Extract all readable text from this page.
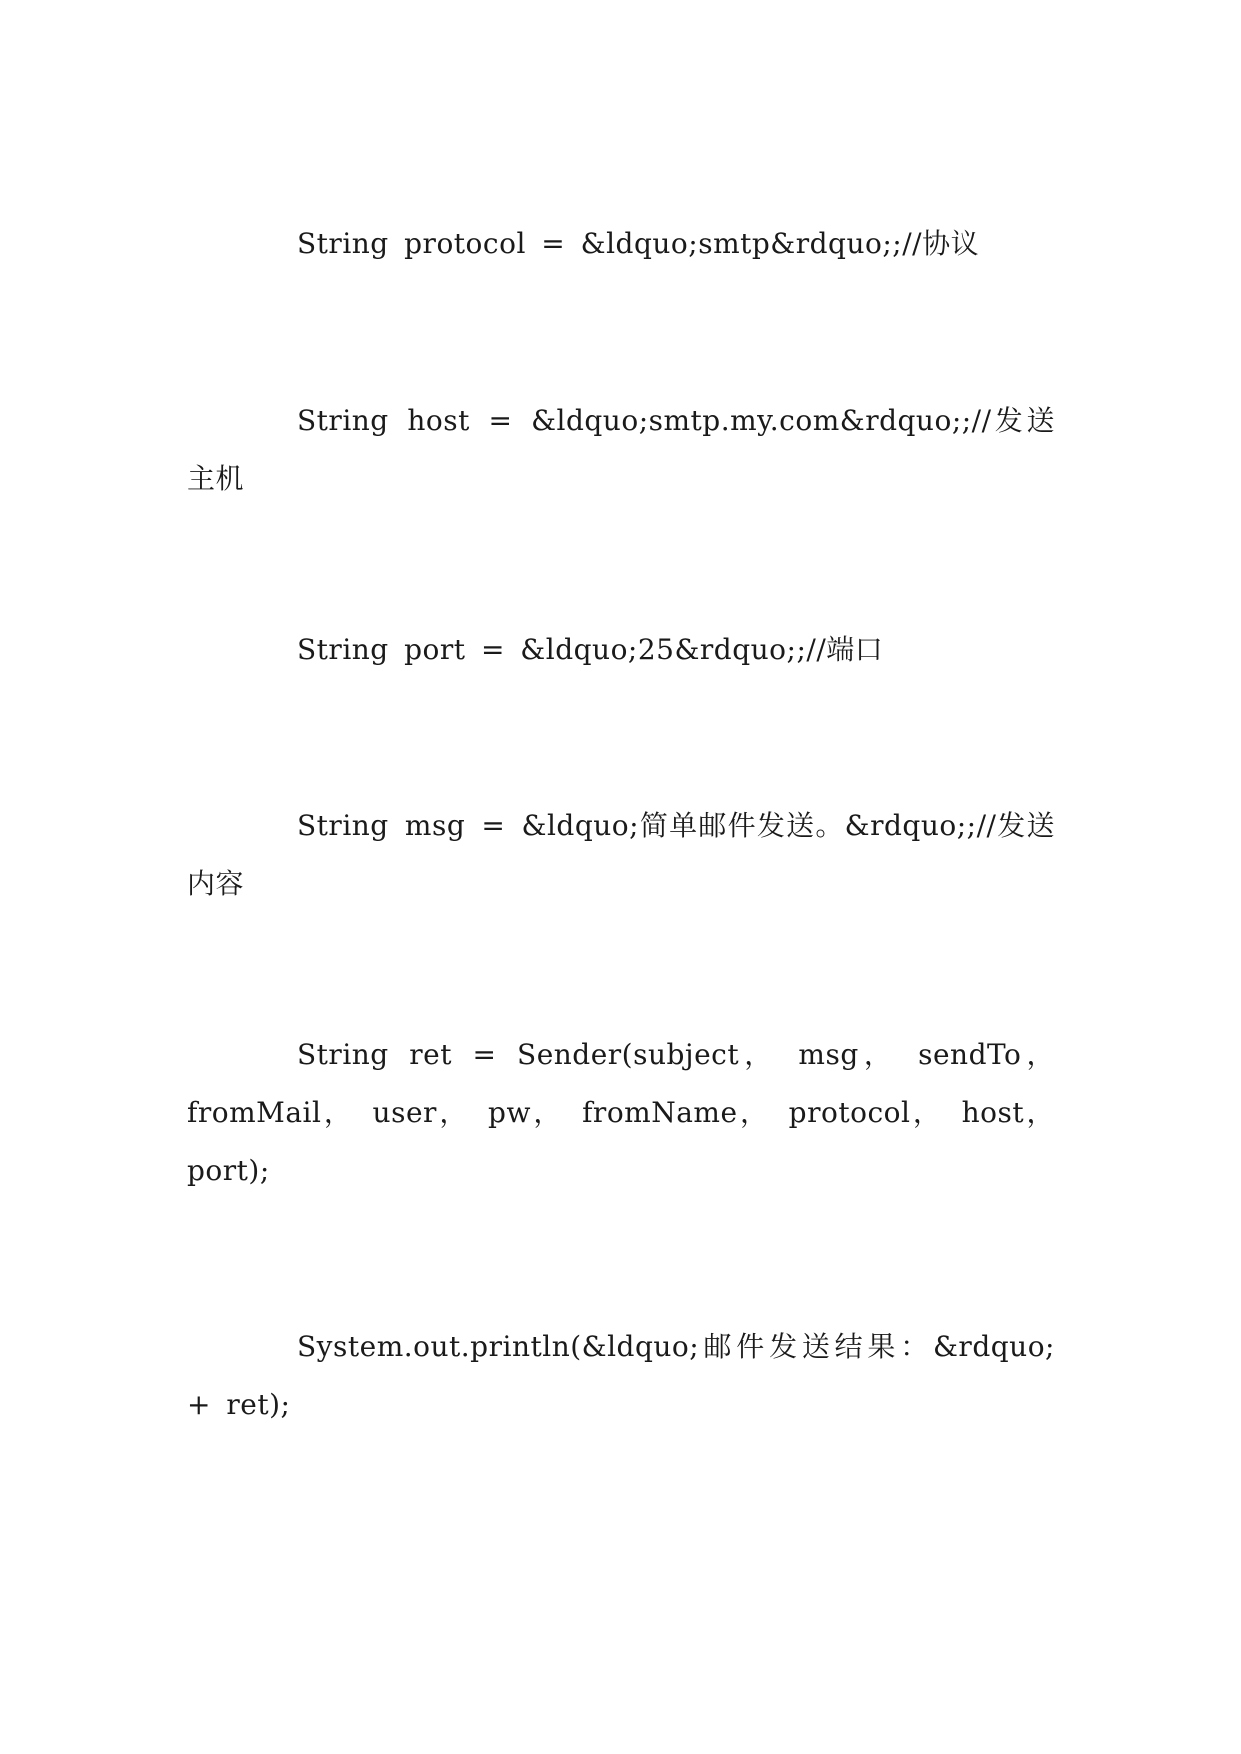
String protocol = &ldquo;smtp&rdquo;;//协议

String host = &ldquo;smtp.my.com&rdquo;;//发送主机

String port = &ldquo;25&rdquo;;//端口

String msg = &ldquo;简单邮件发送。&rdquo;;//发送内容

String ret = Sender(subject， msg， sendTo， fromMail， user， pw， fromName， protocol， host， port);

System.out.println(&ldquo;邮件发送结果：&rdquo; + ret);
